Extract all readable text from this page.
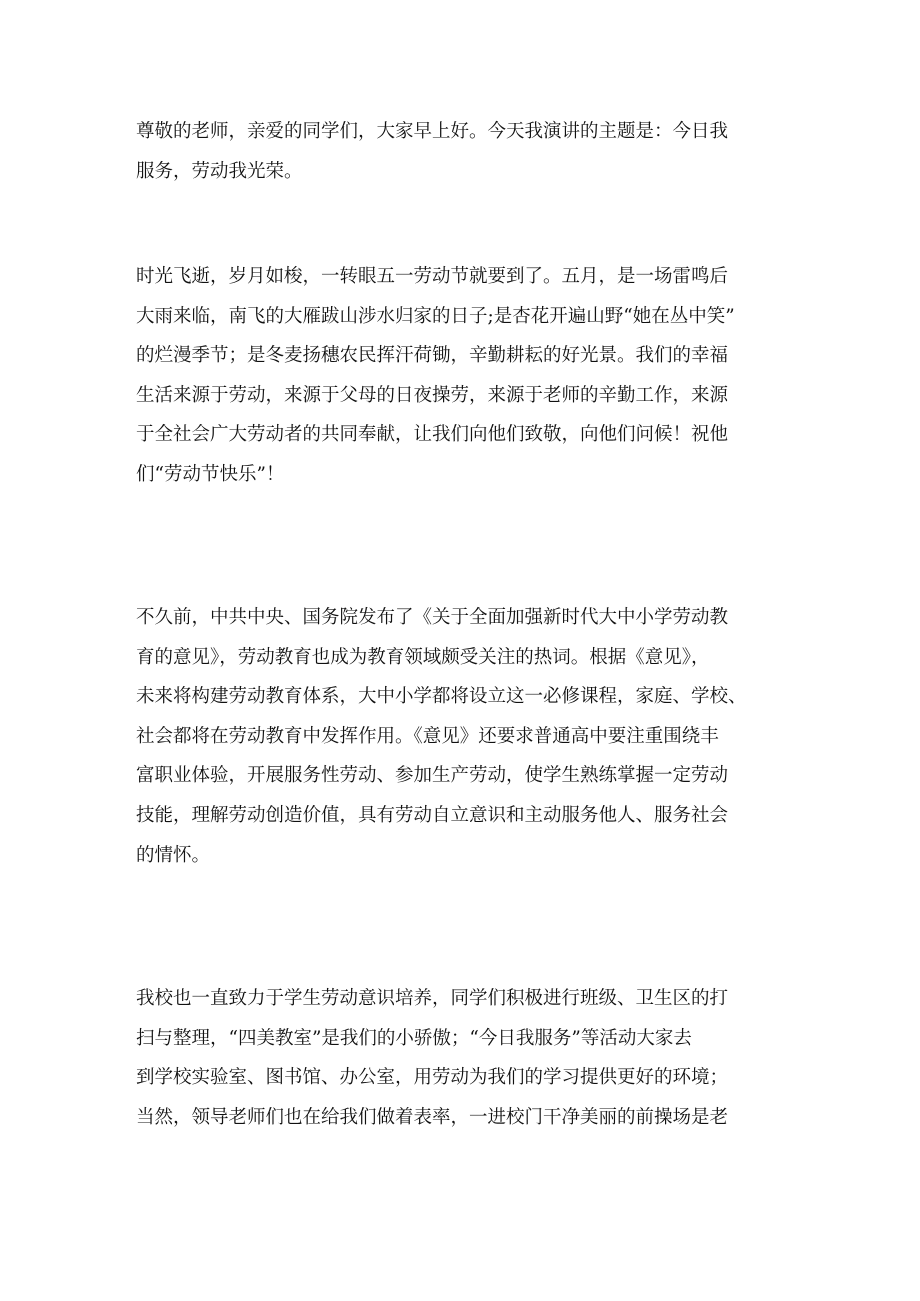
尊敬的老师，亲爱的同学们，大家早上好。今天我演讲的主题是：今日我
服务，劳动我光荣。

时光飞逝，岁月如梭，一转眼五一劳动节就要到了。五月，是一场雷鸣后
大雨来临，南飞的大雁跋山涉水归家的日子;是杏花开遍山野“她在丛中笑”
的烂漫季节；是冬麦扬穗农民挥汗荷锄，辛勤耕耘的好光景。我们的幸福
生活来源于劳动，来源于父母的日夜操劳，来源于老师的辛勤工作，来源
于全社会广大劳动者的共同奉献，让我们向他们致敬，向他们问候！祝他
们“劳动节快乐”！

不久前，中共中央、国务院发布了《关于全面加强新时代大中小学劳动教
育的意见》，劳动教育也成为教育领域颇受关注的热词。根据《意见》，
未来将构建劳动教育体系，大中小学都将设立这一必修课程，家庭、学校、
社会都将在劳动教育中发挥作用。《意见》还要求普通高中要注重围绕丰
富职业体验，开展服务性劳动、参加生产劳动，使学生熟练掌握一定劳动
技能，理解劳动创造价值，具有劳动自立意识和主动服务他人、服务社会
的情怀。

我校也一直致力于学生劳动意识培养，同学们积极进行班级、卫生区的打
扫与整理，“四美教室”是我们的小骄傲；“今日我服务”等活动大家去
到学校实验室、图书馆、办公室，用劳动为我们的学习提供更好的环境；
当然，领导老师们也在给我们做着表率，一进校门干净美丽的前操场是老
